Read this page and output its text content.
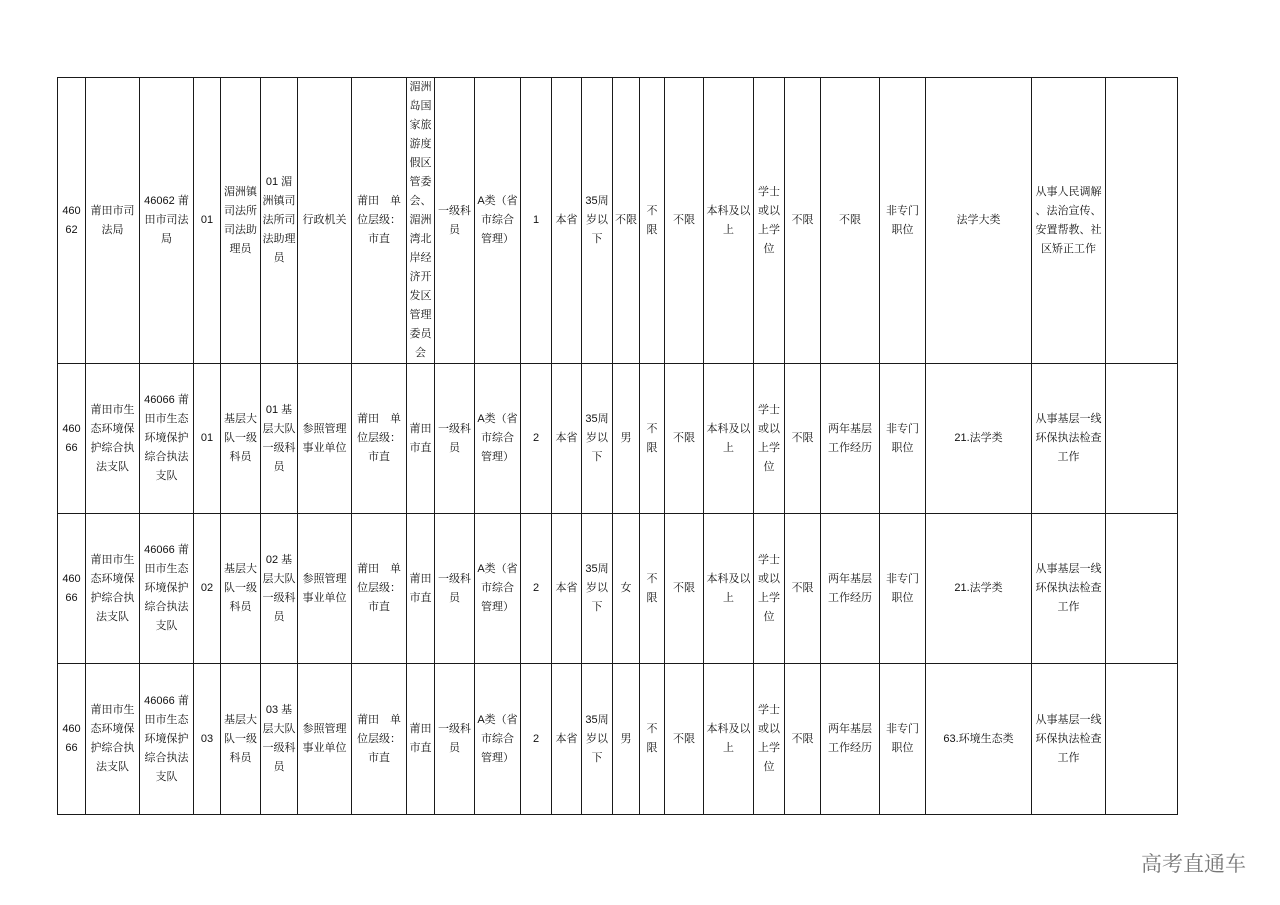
46062	莆田市司法局	46062 莆田市司法局	01	湄洲镇司法所司法助理员	01 湄洲镇司法所司法助理员	行政机关	莆田　单位层级：市直	湄洲岛国家旅游度假区管委会、湄洲湾北岸经济开发区管理委员会	一级科员	A类（省市综合管理）	1	本省	35周岁以下	不限	不限	不限	本科及以上	学士或以上学位	不限	不限	非专门职位	法学大类	从事人民调解、法治宣传、安置帮教、社区矫正工作	
46066	莆田市生态环境保护综合执法支队	46066 莆田市生态环境保护综合执法支队	01	基层大队一级科员	01 基层大队一级科员	参照管理事业单位	莆田　单位层级：市直	莆田市直	一级科员	A类（省市综合管理）	2	本省	35周岁以下	男	不限	不限	本科及以上	学士或以上学位	不限	两年基层工作经历	非专门职位	21.法学类	从事基层一线环保执法检查工作	
46066	莆田市生态环境保护综合执法支队	46066 莆田市生态环境保护综合执法支队	02	基层大队一级科员	02 基层大队一级科员	参照管理事业单位	莆田　单位层级：市直	莆田市直	一级科员	A类（省市综合管理）	2	本省	35周岁以下	女	不限	不限	本科及以上	学士或以上学位	不限	两年基层工作经历	非专门职位	21.法学类	从事基层一线环保执法检查工作	
46066	莆田市生态环境保护综合执法支队	46066 莆田市生态环境保护综合执法支队	03	基层大队一级科员	03 基层大队一级科员	参照管理事业单位	莆田　单位层级：市直	莆田市直	一级科员	A类（省市综合管理）	2	本省	35周岁以下	男	不限	不限	本科及以上	学士或以上学位	不限	两年基层工作经历	非专门职位	63.环境生态类	从事基层一线环保执法检查工作	
高考直通车
